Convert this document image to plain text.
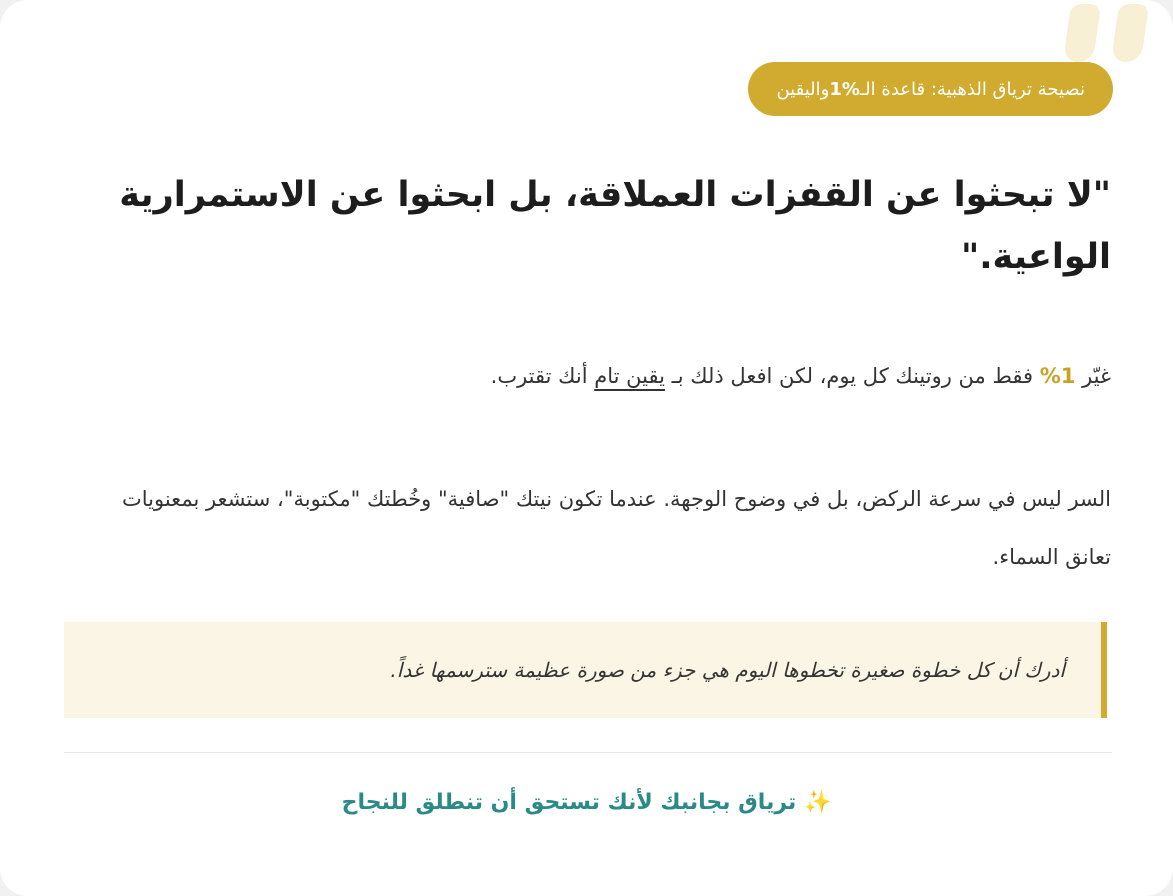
نصيحة ترياق الذهبية: قاعدة الـ
1%
واليقين
"لا تبحثوا عن القفزات العملاقة، بل ابحثوا عن الاستمرارية الواعية."

غيّر 1% فقط من روتينك كل يوم، لكن افعل ذلك بـ يقين تام أنك تقترب.

السر ليس في سرعة الركض، بل في وضوح الوجهة. عندما تكون نيتك "صافية" وخُطتك "مكتوبة"، ستشعر بمعنويات تعانق السماء.

أدرك أن كل خطوة صغيرة تخطوها اليوم هي جزء من صورة عظيمة سترسمها غداً.

✨ ترياق بجانبك لأنك تستحق أن تنطلق للنجاح
